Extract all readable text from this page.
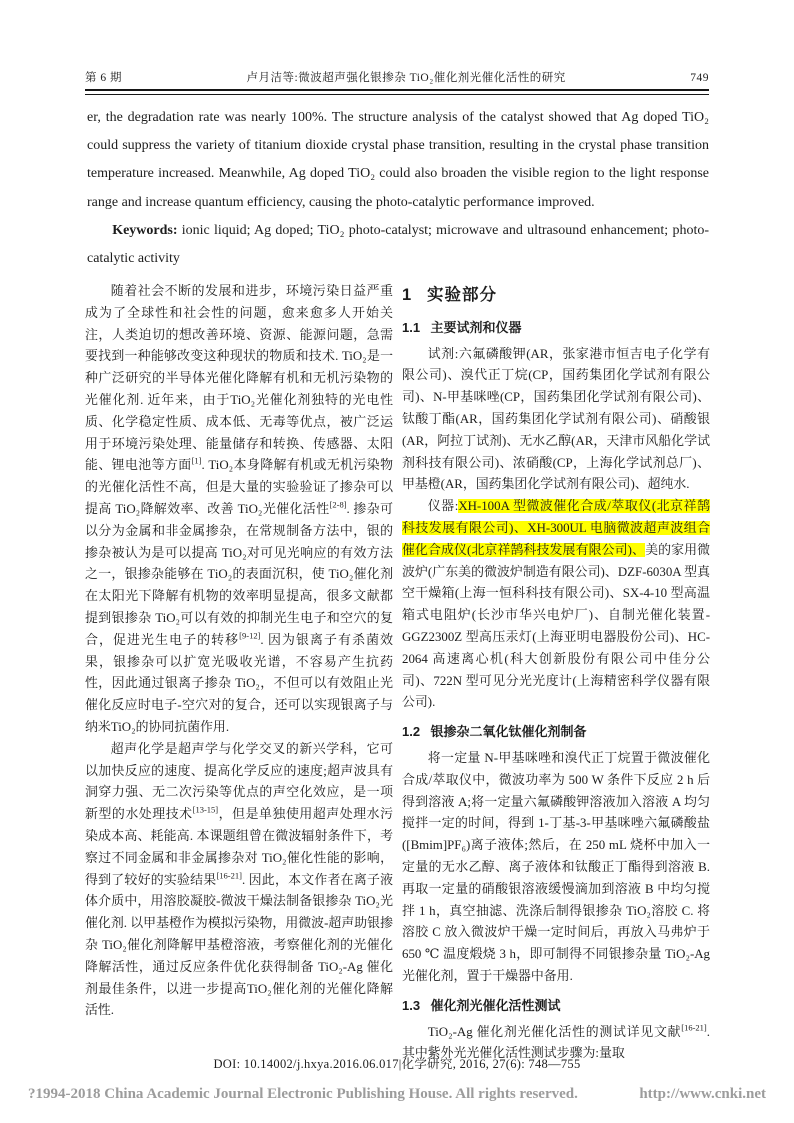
第 6 期	卢月洁等:微波超声强化银掺杂 TiO₂催化剂光催化活性的研究	749

er, the degradation rate was nearly 100%. The structure analysis of the catalyst showed that Ag doped TiO₂ could suppress the variety of titanium dioxide crystal phase transition, resulting in the crystal phase transition temperature increased. Meanwhile, Ag doped TiO₂ could also broaden the visible region to the light response range and increase quantum efficiency, causing the photo-catalytic performance improved.

Keywords: ionic liquid; Ag doped; TiO₂ photo-catalyst; microwave and ultrasound enhancement; photo-catalytic activity

随着社会不断的发展和进步，环境污染日益严重成为了全球性和社会性的问题，愈来愈多人开始关注，人类迫切的想改善环境、资源、能源问题，急需要找到一种能够改变这种现状的物质和技术. TiO₂是一种广泛研究的半导体光催化降解有机和无机污染物的光催化剂. 近年来，由于TiO₂光催化剂独特的光电性质、化学稳定性质、成本低、无毒等优点，被广泛运用于环境污染处理、能量储存和转换、传感器、太阳能、锂电池等方面[1]. TiO₂本身降解有机或无机污染物的光催化活性不高，但是大量的实验验证了掺杂可以提高 TiO₂降解效率、改善 TiO₂光催化活性[2-8]. 掺杂可以分为金属和非金属掺杂，在常规制备方法中，银的掺杂被认为是可以提高 TiO₂对可见光响应的有效方法之一，银掺杂能够在 TiO₂的表面沉积，使 TiO₂催化剂在太阳光下降解有机物的效率明显提高，很多文献都提到银掺杂 TiO₂可以有效的抑制光生电子和空穴的复合，促进光生电子的转移[9-12]. 因为银离子有杀菌效果，银掺杂可以扩宽光吸收光谱，不容易产生抗药性，因此通过银离子掺杂 TiO₂，不但可以有效阻止光催化反应时电子-空穴对的复合，还可以实现银离子与纳米TiO₂的协同抗菌作用.

超声化学是超声学与化学交叉的新兴学科，它可以加快反应的速度、提高化学反应的速度;超声波具有洞穿力强、无二次污染等优点的声空化效应，是一项新型的水处理技术[13-15]，但是单独使用超声处理水污染成本高、耗能高. 本课题组曾在微波辐射条件下，考察过不同金属和非金属掺杂对 TiO₂催化性能的影响，得到了较好的实验结果[16-21]. 因此，本文作者在离子液体介质中，用溶胶凝胶-微波干燥法制备银掺杂 TiO₂光催化剂. 以甲基橙作为模拟污染物，用微波-超声助银掺杂 TiO₂催化剂降解甲基橙溶液，考察催化剂的光催化降解活性，通过反应条件优化获得制备 TiO₂-Ag 催化剂最佳条件，以进一步提高TiO₂催化剂的光催化降解活性.

1 实验部分
1.1 主要试剂和仪器

试剂:六氟磷酸钾(AR，张家港市恒吉电子化学有限公司)、溴代正丁烷(CP，国药集团化学试剂有限公司)、N-甲基咪唑(CP，国药集团化学试剂有限公司)、钛酸丁酯(AR，国药集团化学试剂有限公司)、硝酸银(AR，阿拉丁试剂)、无水乙醇(AR，天津市风船化学试剂科技有限公司)、浓硝酸(CP，上海化学试剂总厂)、甲基橙(AR，国药集团化学试剂有限公司)、超纯水.

仪器:XH-100A 型微波催化合成/萃取仪(北京祥鹄科技发展有限公司)、XH-300UL 电脑微波超声波组合催化合成仪(北京祥鹄科技发展有限公司)、美的家用微波炉(广东美的微波炉制造有限公司)、DZF-6030A 型真空干燥箱(上海一恒科科技有限公司)、SX-4-10 型高温箱式电阻炉(长沙市华兴电炉厂)、自制光催化装置-GGZ2300Z 型高压汞灯(上海亚明电器股份公司)、HC-2064 高速离心机(科大创新股份有限公司中佳分公司)、722N 型可见分光光度计(上海精密科学仪器有限公司).

1.2 银掺杂二氧化钛催化剂制备

将一定量 N-甲基咪唑和溴代正丁烷置于微波催化合成/萃取仪中，微波功率为 500 W 条件下反应 2 h 后得到溶液 A;将一定量六氟磷酸钾溶液加入溶液 A 均匀搅拌一定的时间，得到 1-丁基-3-甲基咪唑六氟磷酸盐([Bmim]PF₆)离子液体;然后，在 250 mL 烧杯中加入一定量的无水乙醇、离子液体和钛酸正丁酯得到溶液 B. 再取一定量的硝酸银溶液缓慢滴加到溶液 B 中均匀搅拌 1 h，真空抽滤、洗涤后制得银掺杂 TiO₂溶胶 C. 将溶胶 C 放入微波炉干燥一定时间后，再放入马弗炉于 650 ℃ 温度煅烧 3 h，即可制得不同银掺杂量 TiO₂-Ag 光催化剂，置于干燥器中备用.

1.3 催化剂光催化活性测试

TiO₂-Ag 催化剂光催化活性的测试详见文献[16-21]. 其中紫外光光催化活性测试步骤为:量取

DOI: 10.14002/j.hxya.2016.06.017|化学研究, 2016, 27(6): 748—755
?1994-2018 China Academic Journal Electronic Publishing House. All rights reserved.	http://www.cnki.net
